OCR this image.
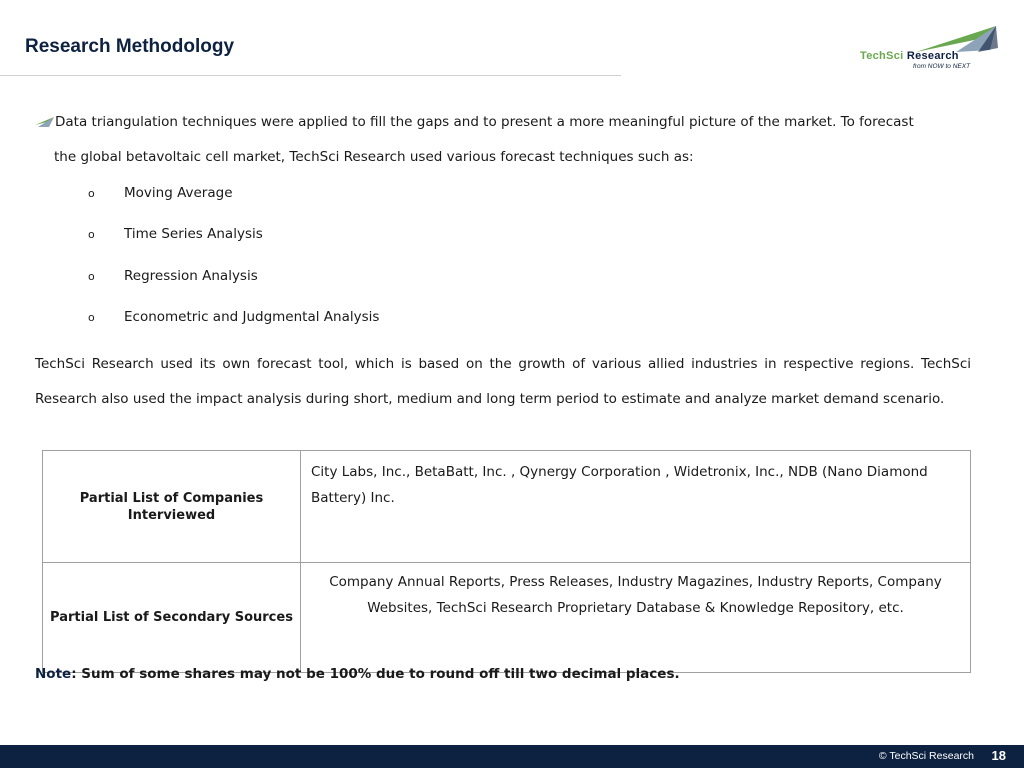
Research Methodology	TechSci Research
from NOW to NEXT
Data triangulation techniques were applied to fill the gaps and to present a more meaningful picture of the market. To forecast
the global betavoltaic cell market, TechSci Research used various forecast techniques such as:
o	Moving Average
o	Time Series Analysis
o	Regression Analysis
o	Econometric and Judgmental Analysis
TechSci Research used its own forecast tool, which is based on the growth of various allied industries in respective regions. TechSci Research also used the impact analysis during short, medium and long term period to estimate and analyze market demand scenario.
Partial List of Companies Interviewed	City Labs, Inc., BetaBatt, Inc. , Qynergy Corporation , Widetronix, Inc., NDB (Nano Diamond Battery) Inc.
Partial List of Secondary Sources	Company Annual Reports, Press Releases, Industry Magazines, Industry Reports, Company Websites, TechSci Research Proprietary Database & Knowledge Repository, etc.
Note: Sum of some shares may not be 100% due to round off till two decimal places.
© TechSci Research 18
